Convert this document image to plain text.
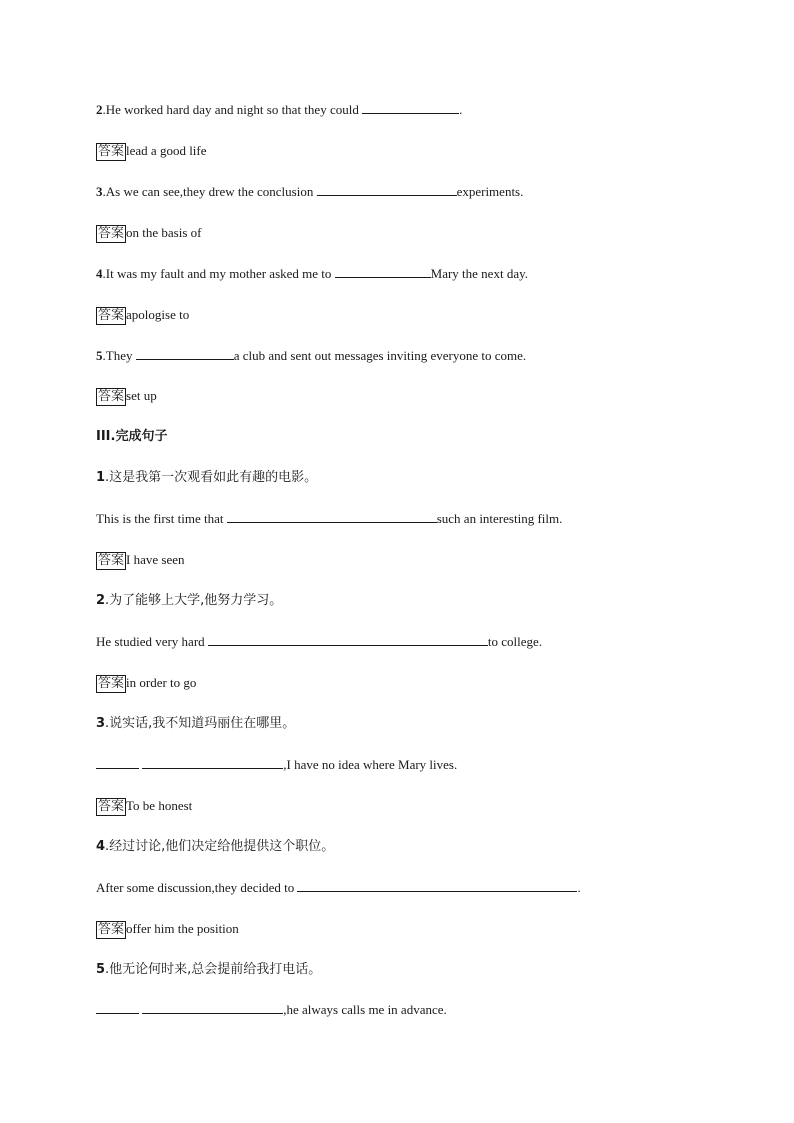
2.He worked hard day and night so that they could	.
答案 lead a good life
3.As we can see,they drew the conclusion	experiments.
答案 on the basis of
4.It was my fault and my mother asked me to	Mary the next day.
答案 apologise to
5.They	a club and sent out messages inviting everyone to come.
答案 set up
III.完成句子
1.这是我第一次观看如此有趣的电影。
This is the first time that	such an interesting film.
答案 I have seen
2.为了能够上大学,他努力学习。
He studied very hard	to college.
答案 in order to go
3.说实话,我不知道玛丽住在哪里。
,I have no idea where Mary lives.
答案 To be honest
4.经过讨论,他们决定给他提供这个职位。
After some discussion,they decided to	.
答案 offer him the position
5.他无论何时来,总会提前给我打电话。
,he always calls me in advance.
